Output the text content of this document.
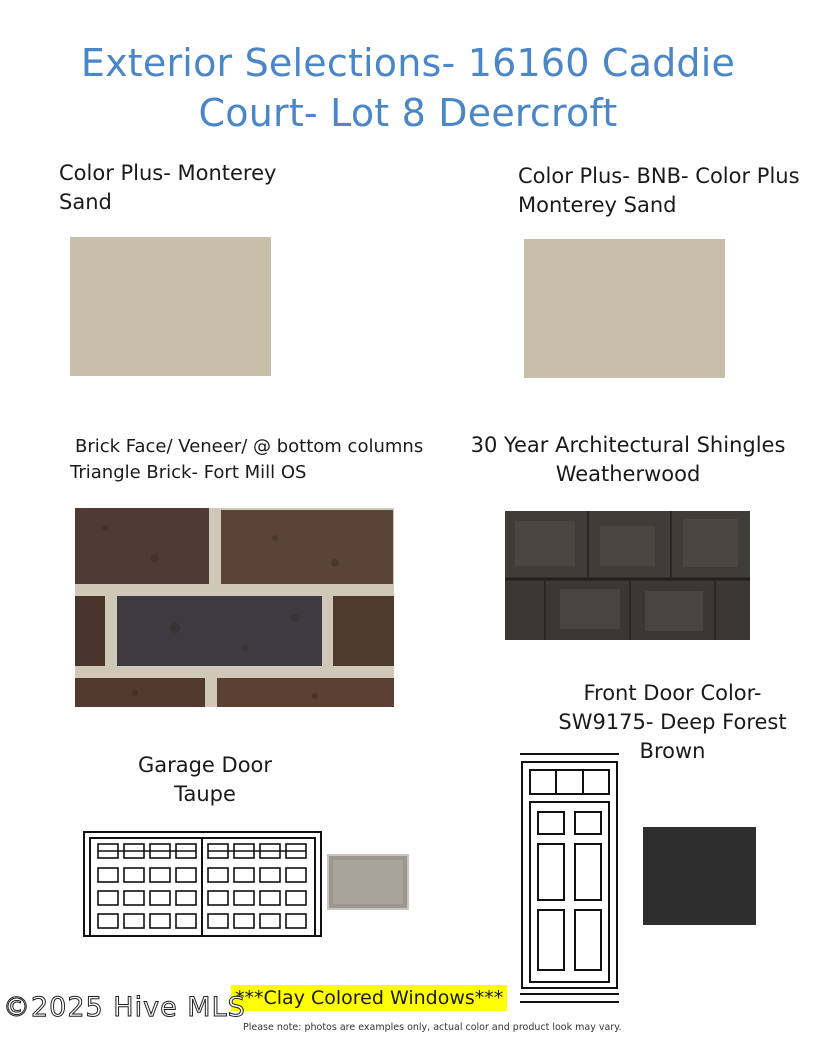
Exterior Selections- 16160 Caddie
Court- Lot 8 Deercroft
Color Plus- Monterey
Sand
Color Plus- BNB- Color Plus
Monterey Sand
Brick Face/ Veneer/ @ bottom columns
Triangle Brick- Fort Mill OS
30 Year Architectural Shingles
Weatherwood
Front Door Color-
SW9175- Deep Forest
Brown
Garage Door
Taupe
***Clay Colored Windows***
Please note: photos are examples only, actual color and product look may vary.
©2025 Hive MLS
